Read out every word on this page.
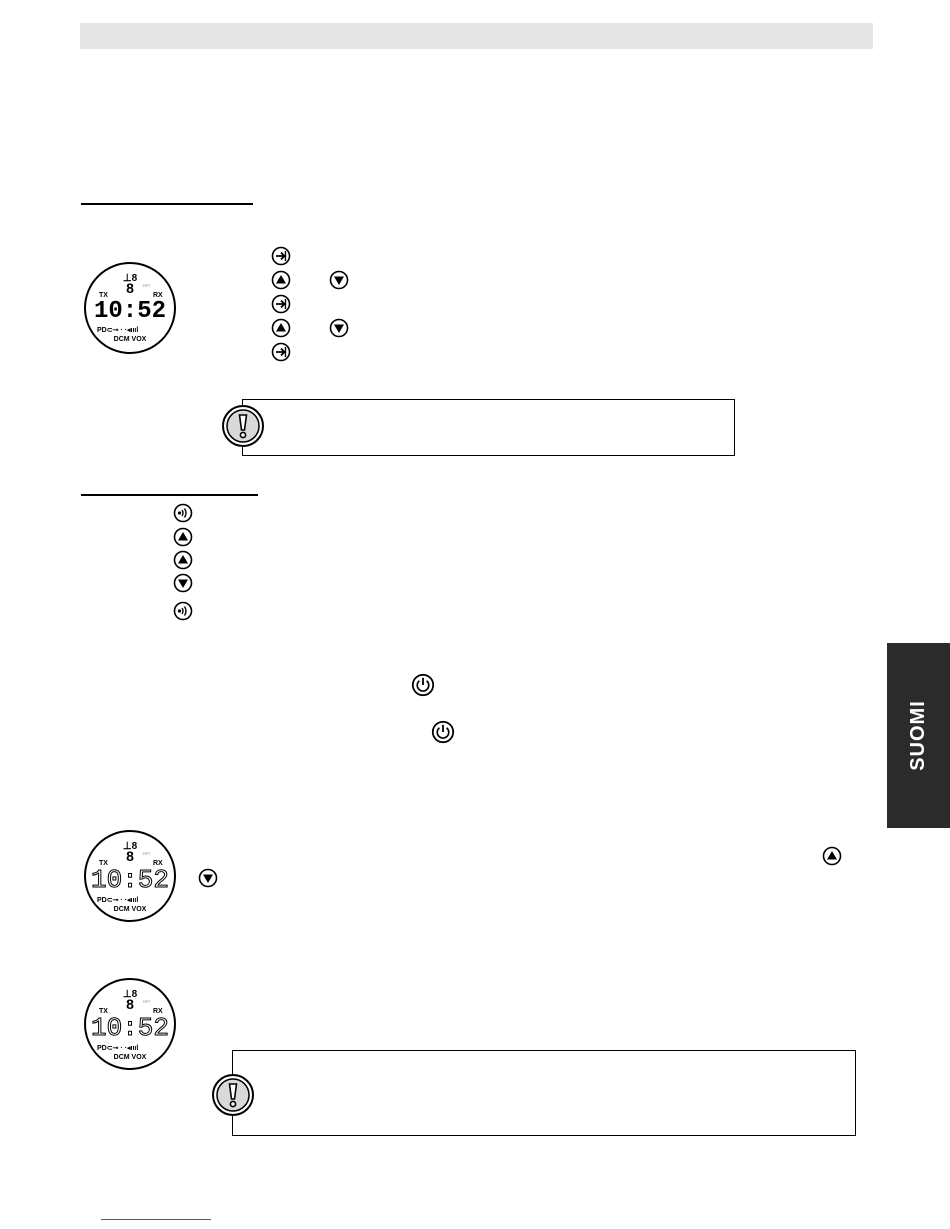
⊥8
8
TX
RPT
RX
10:52
PD⊂⊸ · ·◂ıııl
DCM VOX
SUOMI
⊥8
8
TX
RPT
RX
10:52
PD⊂⊸ · ·◂ıııl
DCM VOX
⊥8
8
TX
RPT
RX
10:52
PD⊂⊸ · ·◂ıııl
DCM VOX
